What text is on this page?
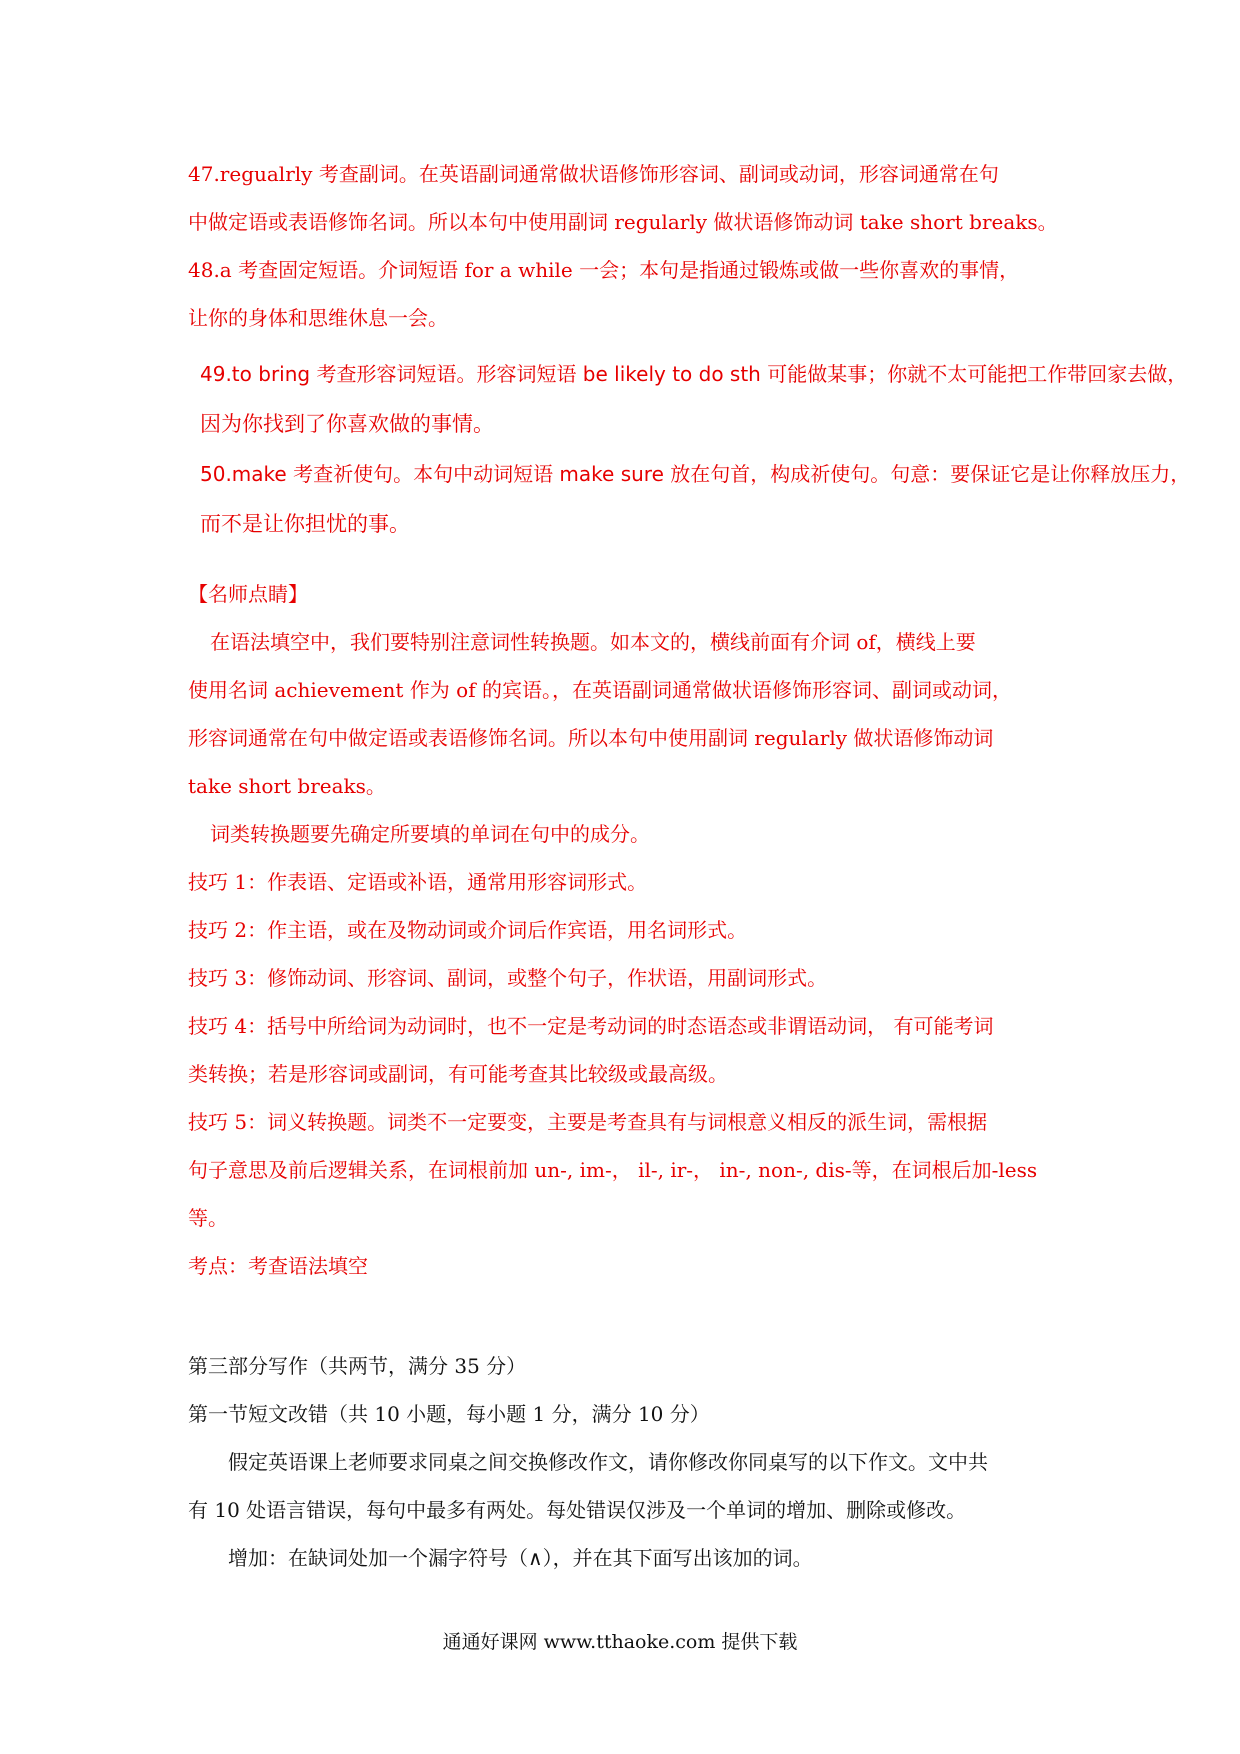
47.regualrly 考查副词。在英语副词通常做状语修饰形容词、副词或动词，形容词通常在句
中做定语或表语修饰名词。所以本句中使用副词 regularly 做状语修饰动词 take short breaks。
48.a 考查固定短语。介词短语 for a while 一会；本句是指通过锻炼或做一些你喜欢的事情，
让你的身体和思维休息一会。
49.to bring 考查形容词短语。形容词短语 be likely to do sth 可能做某事；你就不太可能把工作带回家去做，
因为你找到了你喜欢做的事情。
50.make 考查祈使句。本句中动词短语 make sure 放在句首，构成祈使句。句意：要保证它是让你释放压力，
而不是让你担忧的事。
【名师点睛】
在语法填空中，我们要特别注意词性转换题。如本文的，横线前面有介词 of，横线上要
使用名词 achievement 作为 of 的宾语。，在英语副词通常做状语修饰形容词、副词或动词，
形容词通常在句中做定语或表语修饰名词。所以本句中使用副词 regularly 做状语修饰动词
take short breaks。
词类转换题要先确定所要填的单词在句中的成分。
技巧 1：作表语、定语或补语，通常用形容词形式。
技巧 2：作主语，或在及物动词或介词后作宾语，用名词形式。
技巧 3：修饰动词、形容词、副词，或整个句子，作状语，用副词形式。
技巧 4：括号中所给词为动词时，也不一定是考动词的时态语态或非谓语动词， 有可能考词
类转换；若是形容词或副词，有可能考查其比较级或最高级。
技巧 5：词义转换题。词类不一定要变，主要是考查具有与词根意义相反的派生词，需根据
句子意思及前后逻辑关系，在词根前加 un-, im-， il-, ir-， in-, non-, dis-等，在词根后加-less
等。
考点：考查语法填空
第三部分写作（共两节，满分 35 分）
第一节短文改错（共 10 小题，每小题 1 分，满分 10 分）
假定英语课上老师要求同桌之间交换修改作文，请你修改你同桌写的以下作文。文中共
有 10 处语言错误，每句中最多有两处。每处错误仅涉及一个单词的增加、删除或修改。
增加：在缺词处加一个漏字符号（∧），并在其下面写出该加的词。
通通好课网 www.tthaoke.com 提供下载
